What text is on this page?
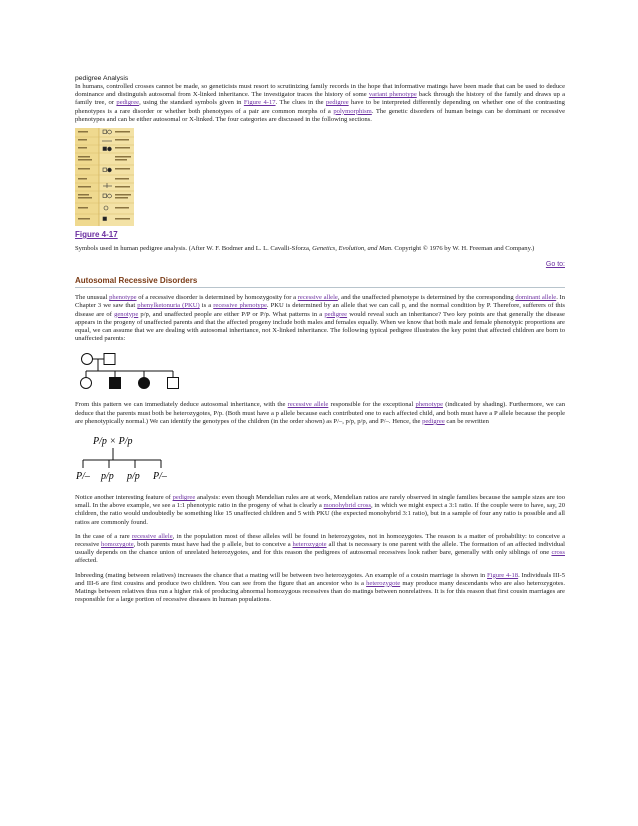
pedigree Analysis

In humans, controlled crosses cannot be made, so geneticists must resort to scrutinizing family records in the hope that informative matings have been made that can be used to deduce dominance and distinguish autosomal from X-linked inheritance. The investigator traces the history of some variant phenotype back through the history of the family and draws up a family tree, or pedigree, using the standard symbols given in Figure 4-17. The clues in the pedigree have to be interpreted differently depending on whether one of the contrasting phenotypes is a rare disorder or whether both phenotypes of a pair are common morphs of a polymorphism. The genetic disorders of human beings can be dominant or recessive phenotypes and can be either autosomal or X-linked. The four categories are discussed in the following sections.

Figure 4-17

Symbols used in human pedigree analysis. (After W. F. Bodmer and L. L. Cavalli-Sforza, Genetics, Evolution, and Man. Copyright © 1976 by W. H. Freeman and Company.)

Go to:
Autosomal Recessive Disorders

The unusual phenotype of a recessive disorder is determined by homozygosity for a recessive allele, and the unaffected phenotype is determined by the corresponding dominant allele. In Chapter 3 we saw that phenylketonuria (PKU) is a recessive phenotype. PKU is determined by an allele that we can call p, and the normal condition by P. Therefore, sufferers of this disease are of genotype p/p, and unaffected people are either P/P or P/p. What patterns in a pedigree would reveal such an inheritance? Two key points are that generally the disease appears in the progeny of unaffected parents and that the affected progeny include both males and females equally. When we know that both male and female phenotypic proportions are equal, we can assume that we are dealing with autosomal inheritance, not X-linked inheritance. The following typical pedigree illustrates the key point that affected children are born to unaffected parents:

From this pattern we can immediately deduce autosomal inheritance, with the recessive allele responsible for the exceptional phenotype (indicated by shading). Furthermore, we can deduce that the parents must both be heterozygotes, P/p. (Both must have a p allele because each contributed one to each affected child, and both must have a P allele because the people are phenotypically normal.) We can identify the genotypes of the children (in the order shown) as P/–, p/p, p/p, and P/–. Hence, the pedigree can be rewritten

P/p × P/p
P/– p/p p/p P/–

Notice another interesting feature of pedigree analysis: even though Mendelian rules are at work, Mendelian ratios are rarely observed in single families because the sample sizes are too small. In the above example, we see a 1:1 phenotypic ratio in the progeny of what is clearly a monohybrid cross, in which we might expect a 3:1 ratio. If the couple were to have, say, 20 children, the ratio would undoubtedly be something like 15 unaffected children and 5 with PKU (the expected monohybrid 3:1 ratio), but in a sample of four any ratio is possible and all ratios are commonly found.

In the case of a rare recessive allele, in the population most of these alleles will be found in heterozygotes, not in homozygotes. The reason is a matter of probability: to conceive a recessive homozygote, both parents must have had the p allele, but to conceive a heterozygote all that is necessary is one parent with the allele. The formation of an affected individual usually depends on the chance union of unrelated heterozygotes, and for this reason the pedigrees of autosomal recessives look rather bare, generally with only siblings of one cross affected.

Inbreeding (mating between relatives) increases the chance that a mating will be between two heterozygotes. An example of a cousin marriage is shown in Figure 4-18. Individuals III-5 and III-6 are first cousins and produce two children. You can see from the figure that an ancestor who is a heterozygote may produce many descendants who are also heterozygotes. Matings between relatives thus run a higher risk of producing abnormal homozygous recessives than do matings between nonrelatives. It is for this reason that first cousin marriages are responsible for a large portion of recessive diseases in human populations.
